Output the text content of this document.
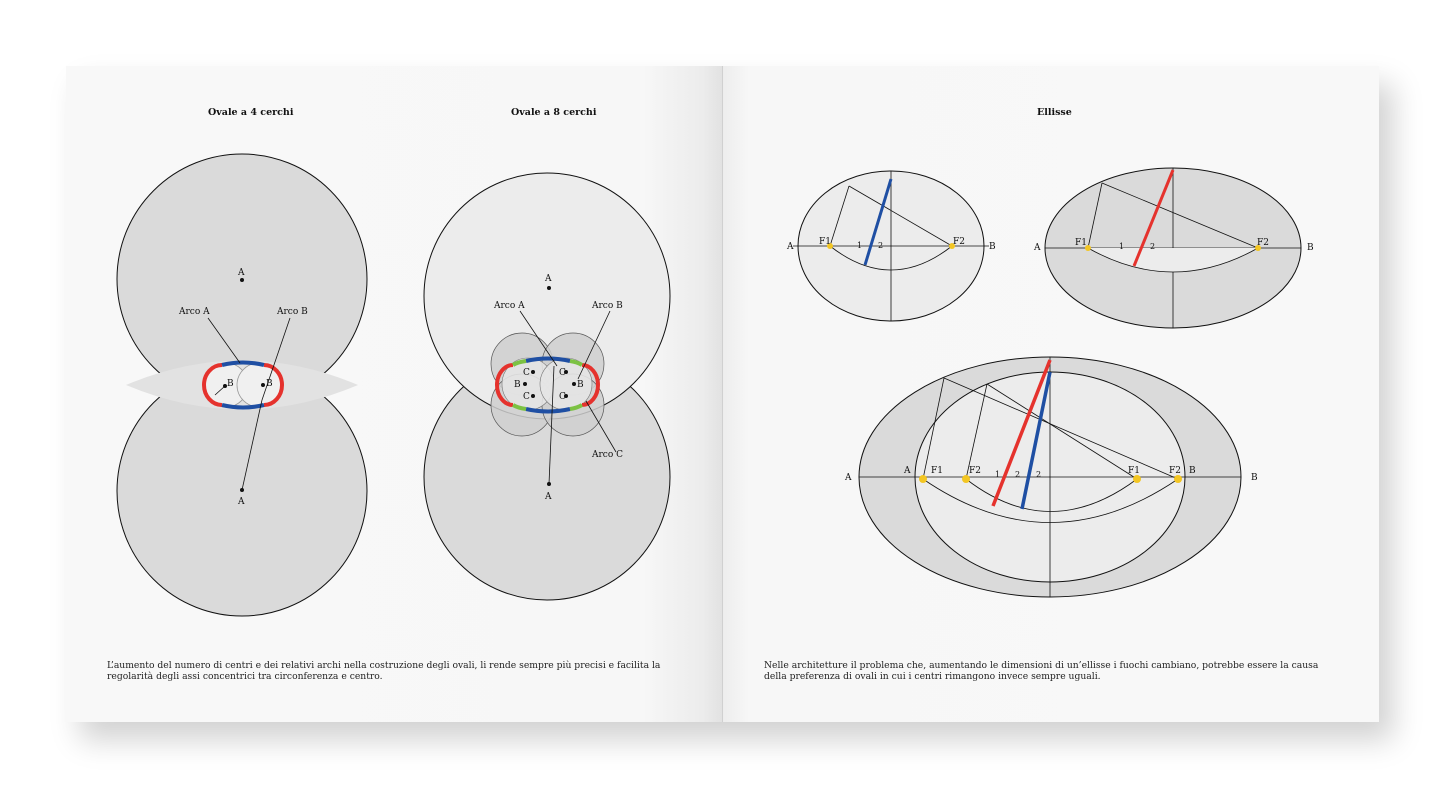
Ovale a 4 cerchi	Ovale a 8 cerchi
Arco A	Arco B
A
A
B	B
Arco A	Arco B
Arco C
A
A
B	B
C	C
C	C
L’aumento del numero di centri e dei relativi archi nella costruzione degli ovali, li rende sempre più precisi e facilita la regolarità degli assi concentrici tra circonferenza e centro.
Ellisse
A	B
F1	F2
1 2	A	B
F1	F2
1	2
A
A
B
B
F1	F2	F1	F2
1 2 2
Nelle architetture il problema che, aumentando le dimensioni di un’ellisse i fuochi cambiano, potrebbe essere la causa della preferenza di ovali in cui i centri rimangono invece sempre uguali.
